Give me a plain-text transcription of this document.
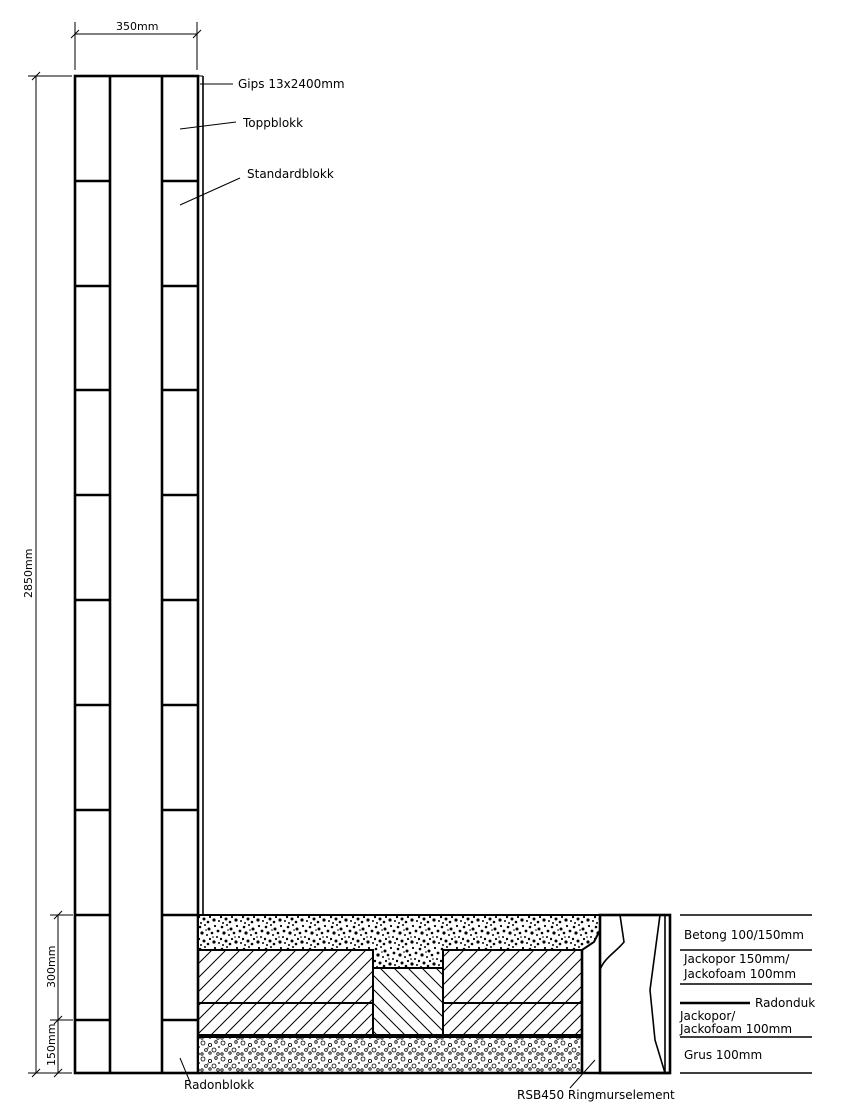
350mm
2850mm
300mm
150mm
Gips 13x2400mm
Toppblokk
Standardblokk
Radonblokk
RSB450 Ringmurselement
Betong 100/150mm
Jackopor 150mm/
Jackofoam 100mm
Radonduk
Jackopor/
Jackofoam 100mm
Grus 100mm
